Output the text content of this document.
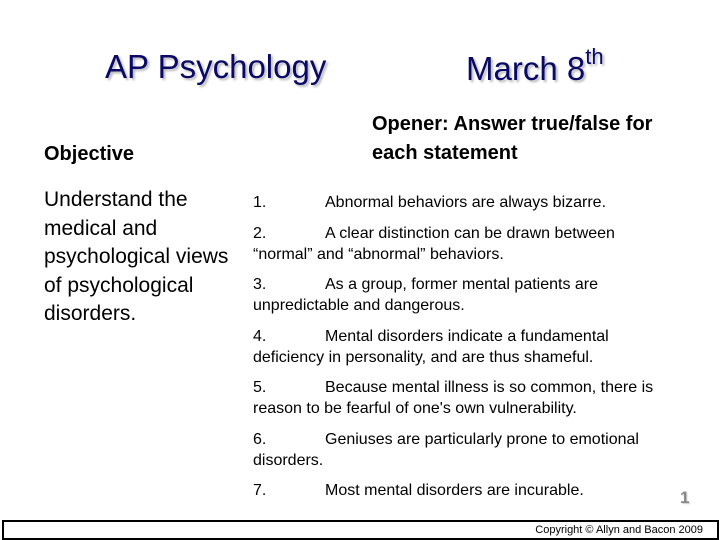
AP Psychology	March 8th
Objective
Understand the medical and psychological views of psychological disorders.
Opener: Answer true/false for each statement
1.	Abnormal behaviors are always bizarre.
2.	A clear distinction can be drawn between “normal” and “abnormal” behaviors.
3.	As a group, former mental patients are unpredictable and dangerous.
4.	Mental disorders indicate a fundamental deficiency in personality, and are thus shameful.
5.	Because mental illness is so common, there is reason to be fearful of one's own vulnerability.
6.	Geniuses are particularly prone to emotional disorders.
7.	Most mental disorders are incurable.	1
Copyright © Allyn and Bacon 2009
